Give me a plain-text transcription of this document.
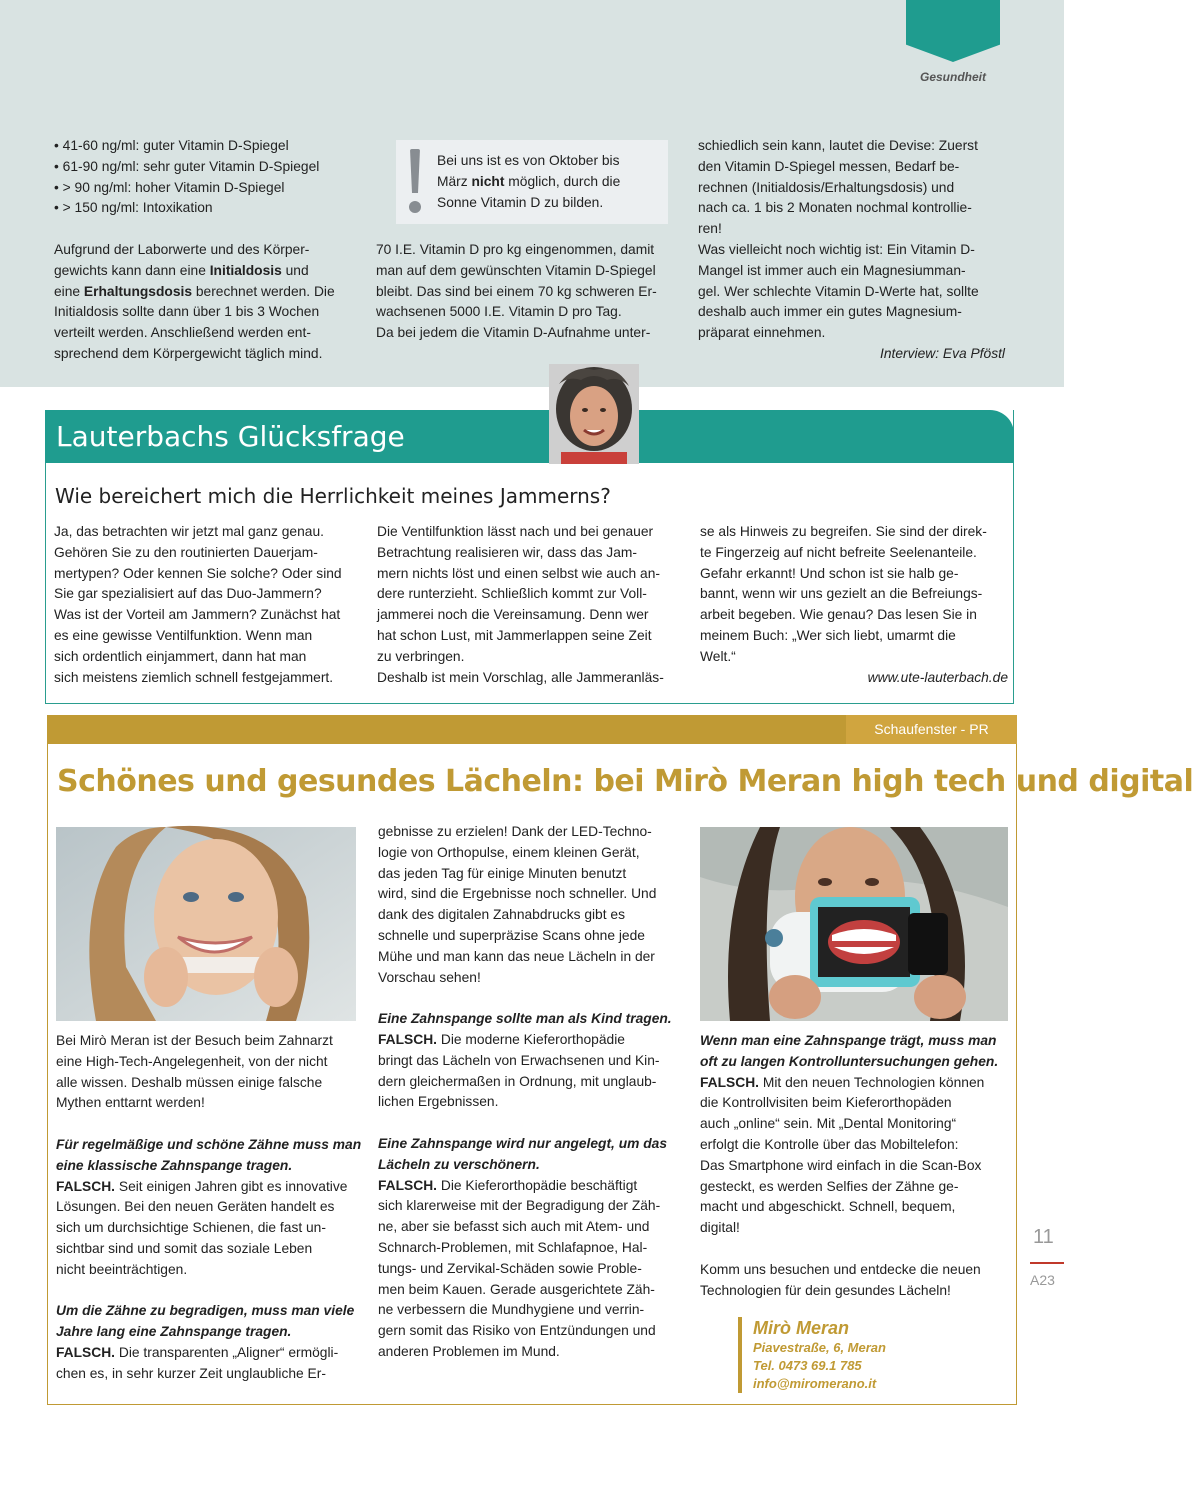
Gesundheit
• 41-60 ng/ml: guter Vitamin D-Spiegel
• 61-90 ng/ml: sehr guter Vitamin D-Spiegel
• > 90 ng/ml: hoher Vitamin D-Spiegel
• > 150 ng/ml: Intoxikation

Aufgrund der Laborwerte und des Körper-

gewichts kann dann eine Initialdosis und

eine Erhaltungsdosis berechnet werden. Die

Initialdosis sollte dann über 1 bis 3 Wochen

verteilt werden. Anschließend werden ent-

sprechend dem Körpergewicht täglich mind.

Bei uns ist es von Oktober bis

März nicht möglich, durch die

Sonne Vitamin D zu bilden.

70 I.E. Vitamin D pro kg eingenommen, damit

man auf dem gewünschten Vitamin D-Spiegel

bleibt. Das sind bei einem 70 kg schweren Er-

wachsenen 5000 I.E. Vitamin D pro Tag.

Da bei jedem die Vitamin D-Aufnahme unter-

schiedlich sein kann, lautet die Devise: Zuerst

den Vitamin D-Spiegel messen, Bedarf be-

rechnen (Initialdosis/Erhaltungsdosis) und

nach ca. 1 bis 2 Monaten nochmal kontrollie-

ren!

Was vielleicht noch wichtig ist: Ein Vitamin D-

Mangel ist immer auch ein Magnesiumman-

gel. Wer schlechte Vitamin D-Werte hat, sollte

deshalb auch immer ein gutes Magnesium-

präparat einnehmen.

Interview: Eva Pföstl

Lauterbachs Glücksfrage
Wie bereichert mich die Herrlichkeit meines Jammerns?

Ja, das betrachten wir jetzt mal ganz genau.

Gehören Sie zu den routinierten Dauerjam-

mertypen? Oder kennen Sie solche? Oder sind

Sie gar spezialisiert auf das Duo-Jammern?

Was ist der Vorteil am Jammern? Zunächst hat

es eine gewisse Ventilfunktion. Wenn man

sich ordentlich einjammert, dann hat man

sich meistens ziemlich schnell festgejammert.

Die Ventilfunktion lässt nach und bei genauer

Betrachtung realisieren wir, dass das Jam-

mern nichts löst und einen selbst wie auch an-

dere runterzieht. Schließlich kommt zur Voll-

jammerei noch die Vereinsamung. Denn wer

hat schon Lust, mit Jammerlappen seine Zeit

zu verbringen.

Deshalb ist mein Vorschlag, alle Jammeranläs-

se als Hinweis zu begreifen. Sie sind der direk-

te Fingerzeig auf nicht befreite Seelenanteile.

Gefahr erkannt! Und schon ist sie halb ge-

bannt, wenn wir uns gezielt an die Befreiungs-

arbeit begeben. Wie genau? Das lesen Sie in

meinem Buch: „Wer sich liebt, umarmt die

Welt.“

www.ute-lauterbach.de

Schaufenster - PR
Schönes und gesundes Lächeln: bei Mirò Meran high tech und digital

Bei Mirò Meran ist der Besuch beim Zahnarzt

eine High-Tech-Angelegenheit, von der nicht

alle wissen. Deshalb müssen einige falsche

Mythen enttarnt werden!

Für regelmäßige und schöne Zähne muss man

eine klassische Zahnspange tragen.

FALSCH. Seit einigen Jahren gibt es innovative

Lösungen. Bei den neuen Geräten handelt es

sich um durchsichtige Schienen, die fast un-

sichtbar sind und somit das soziale Leben

nicht beeinträchtigen.

Um die Zähne zu begradigen, muss man viele

Jahre lang eine Zahnspange tragen.

FALSCH. Die transparenten „Aligner“ ermögli-

chen es, in sehr kurzer Zeit unglaubliche Er-

gebnisse zu erzielen! Dank der LED-Techno-

logie von Orthopulse, einem kleinen Gerät,

das jeden Tag für einige Minuten benutzt

wird, sind die Ergebnisse noch schneller. Und

dank des digitalen Zahnabdrucks gibt es

schnelle und superpräzise Scans ohne jede

Mühe und man kann das neue Lächeln in der

Vorschau sehen!

Eine Zahnspange sollte man als Kind tragen.

FALSCH. Die moderne Kieferorthopädie

bringt das Lächeln von Erwachsenen und Kin-

dern gleichermaßen in Ordnung, mit unglaub-

lichen Ergebnissen.

Eine Zahnspange wird nur angelegt, um das

Lächeln zu verschönern.

FALSCH. Die Kieferorthopädie beschäftigt

sich klarerweise mit der Begradigung der Zäh-

ne, aber sie befasst sich auch mit Atem- und

Schnarch-Problemen, mit Schlafapnoe, Hal-

tungs- und Zervikal-Schäden sowie Proble-

men beim Kauen. Gerade ausgerichtete Zäh-

ne verbessern die Mundhygiene und verrin-

gern somit das Risiko von Entzündungen und

anderen Problemen im Mund.

Wenn man eine Zahnspange trägt, muss man

oft zu langen Kontrolluntersuchungen gehen.

FALSCH. Mit den neuen Technologien können

die Kontrollvisiten beim Kieferorthopäden

auch „online“ sein. Mit „Dental Monitoring“

erfolgt die Kontrolle über das Mobiltelefon:

Das Smartphone wird einfach in die Scan-Box

gesteckt, es werden Selfies der Zähne ge-

macht und abgeschickt. Schnell, bequem,

digital!

Komm uns besuchen und entdecke die neuen

Technologien für dein gesundes Lächeln!

Mirò Meran
Piavestraße, 6, Meran
Tel. 0473 69.1 785
info@miromerano.it
11
A23
